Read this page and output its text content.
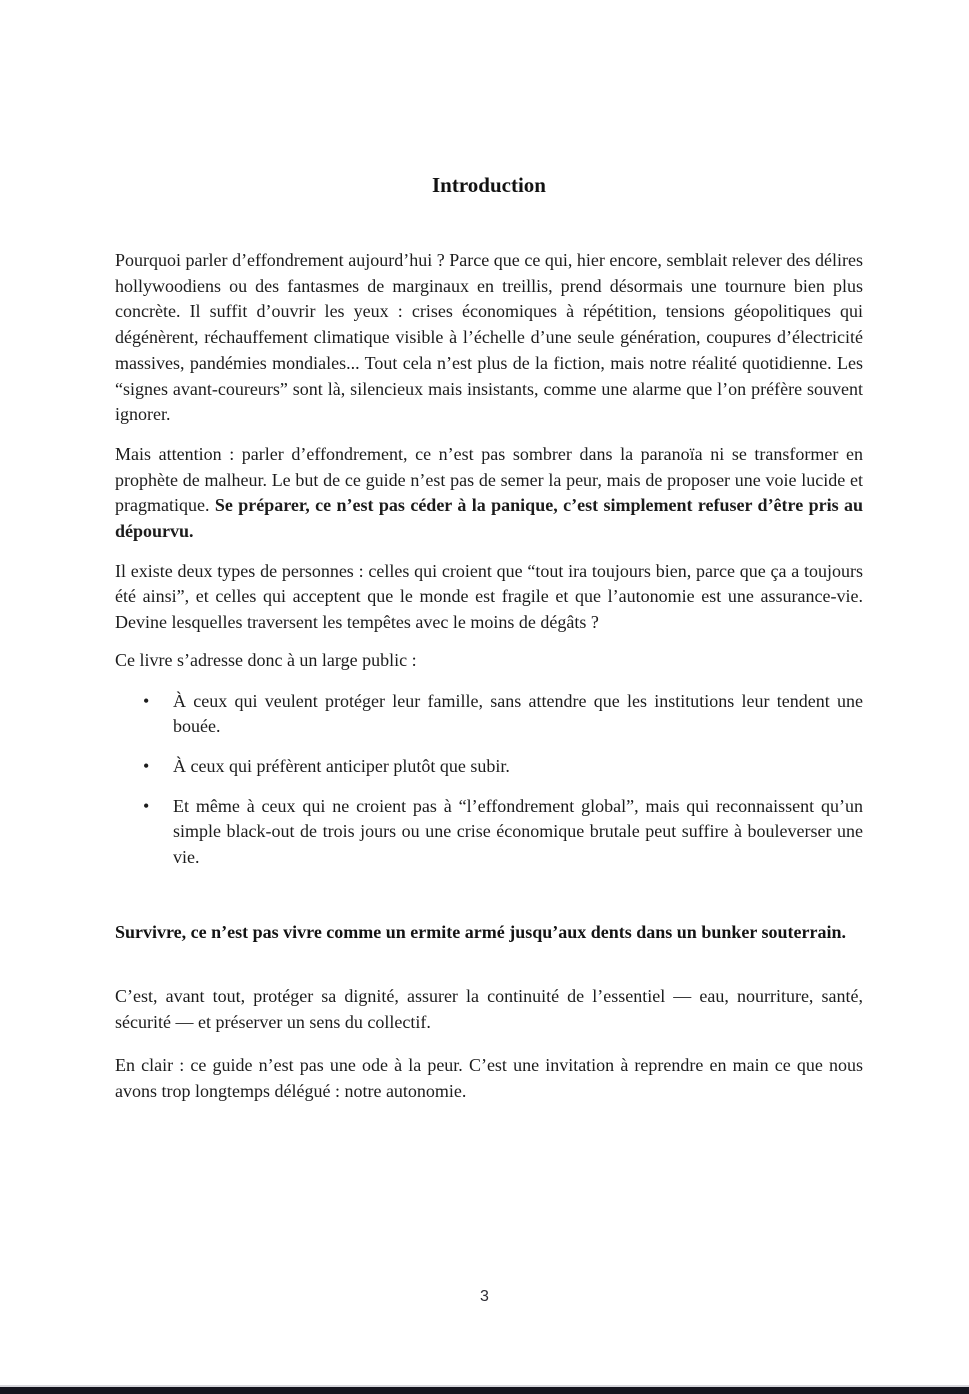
Introduction

Pourquoi parler d’effondrement aujourd’hui ? Parce que ce qui, hier encore, semblait relever des délires hollywoodiens ou des fantasmes de marginaux en treillis, prend désormais une tournure bien plus concrète. Il suffit d’ouvrir les yeux : crises économiques à répétition, tensions géopolitiques qui dégénèrent, réchauffement climatique visible à l’échelle d’une seule génération, coupures d’électricité massives, pandémies mondiales... Tout cela n’est plus de la fiction, mais notre réalité quotidienne. Les “signes avant-coureurs” sont là, silencieux mais insistants, comme une alarme que l’on préfère souvent ignorer.

Mais attention : parler d’effondrement, ce n’est pas sombrer dans la paranoïa ni se transformer en prophète de malheur. Le but de ce guide n’est pas de semer la peur, mais de proposer une voie lucide et pragmatique. Se préparer, ce n’est pas céder à la panique, c’est simplement refuser d’être pris au dépourvu.

Il existe deux types de personnes : celles qui croient que “tout ira toujours bien, parce que ça a toujours été ainsi”, et celles qui acceptent que le monde est fragile et que l’autonomie est une assurance-vie. Devine lesquelles traversent les tempêtes avec le moins de dégâts ?

Ce livre s’adresse donc à un large public :

• À ceux qui veulent protéger leur famille, sans attendre que les institutions leur tendent une bouée.
• À ceux qui préfèrent anticiper plutôt que subir.
• Et même à ceux qui ne croient pas à “l’effondrement global”, mais qui reconnaissent qu’un simple black-out de trois jours ou une crise économique brutale peut suffire à bouleverser une vie.

Survivre, ce n’est pas vivre comme un ermite armé jusqu’aux dents dans un bunker souterrain.

C’est, avant tout, protéger sa dignité, assurer la continuité de l’essentiel — eau, nourriture, santé, sécurité — et préserver un sens du collectif.

En clair : ce guide n’est pas une ode à la peur. C’est une invitation à reprendre en main ce que nous avons trop longtemps délégué : notre autonomie.

3
